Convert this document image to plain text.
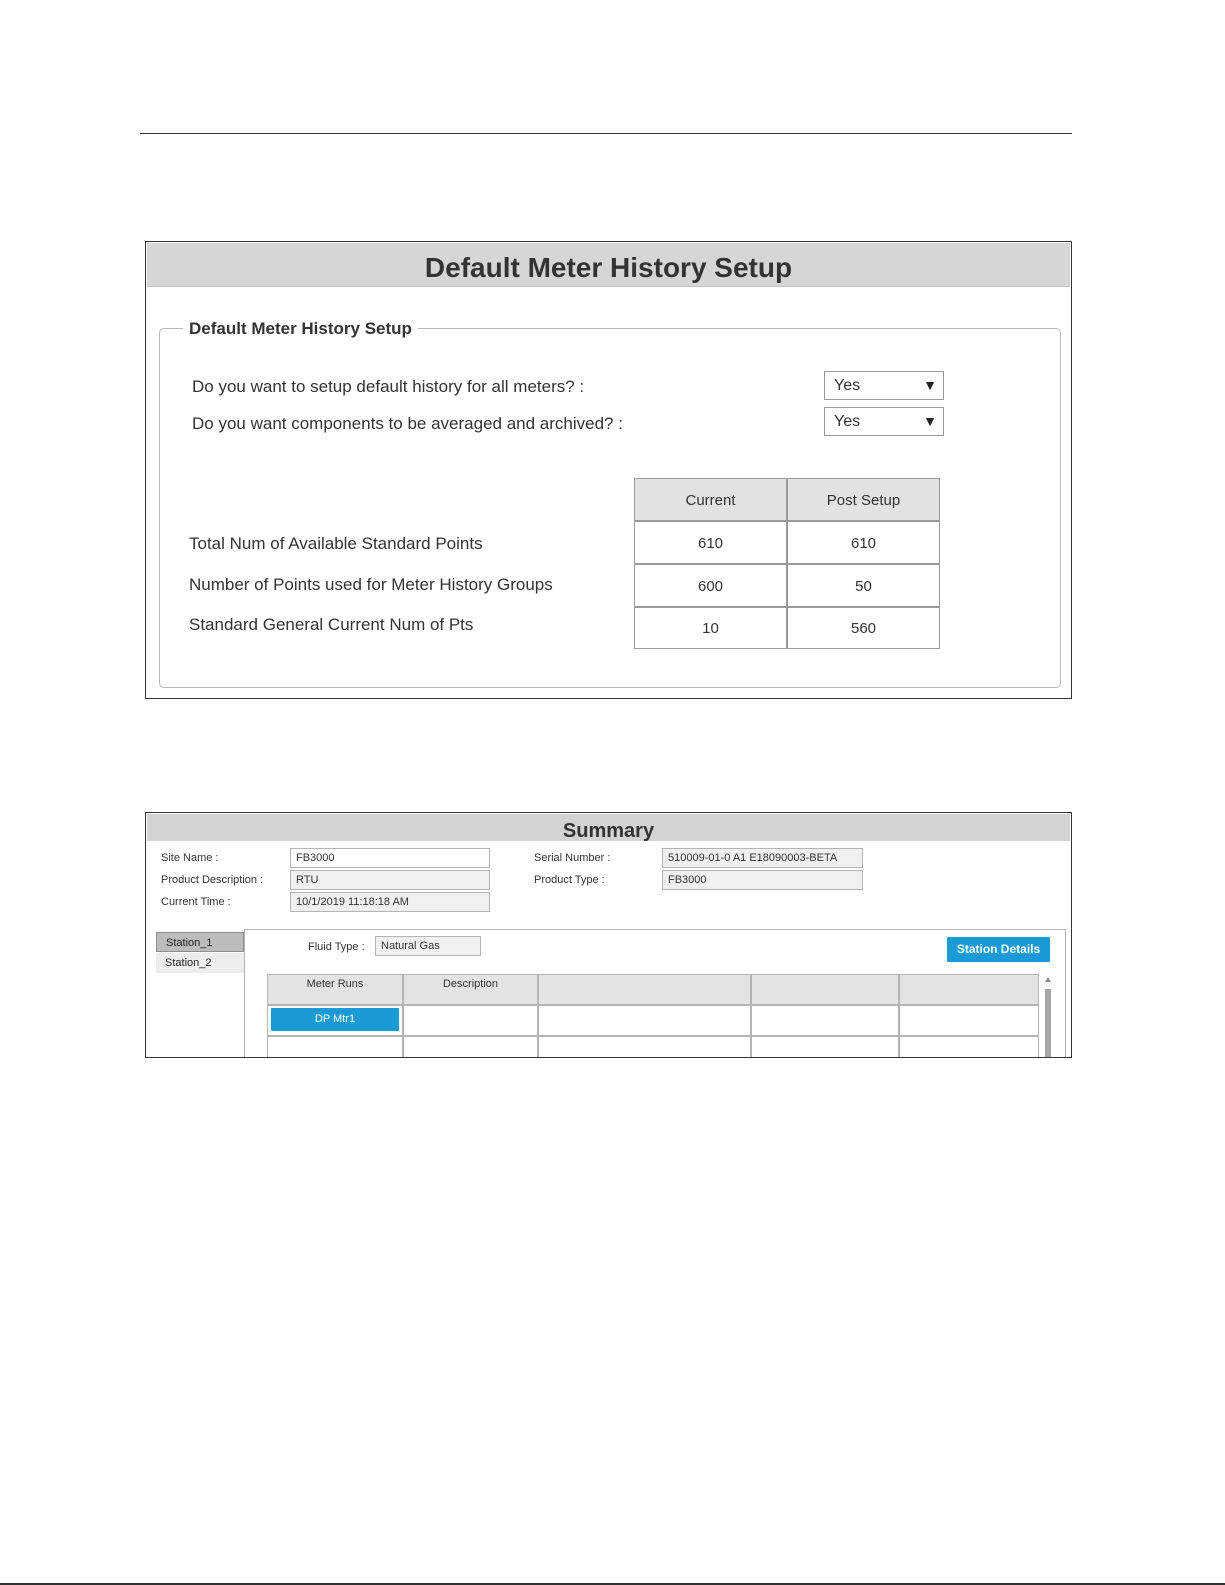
Default Meter History Setup
Default Meter History Setup
Do you want to setup default history for all meters? :	Yes	▼
Do you want components to be averaged and archived? :	Yes	▼
Current	Post Setup
Total Num of Available Standard Points	610	610
Number of Points used for Meter History Groups	600	50
Standard General Current Num of Pts	10	560
Summary
Site Name :	FB3000
Product Description :	RTU
Current Time :	10/1/2019 11:18:18 AM
Serial Number :	510009-01-0 A1 E18090003-BETA
Product Type :	FB3000
Station_1
Station_2
Fluid Type :	Natural Gas	Station Details
Meter Runs	Description
DP Mtr1
